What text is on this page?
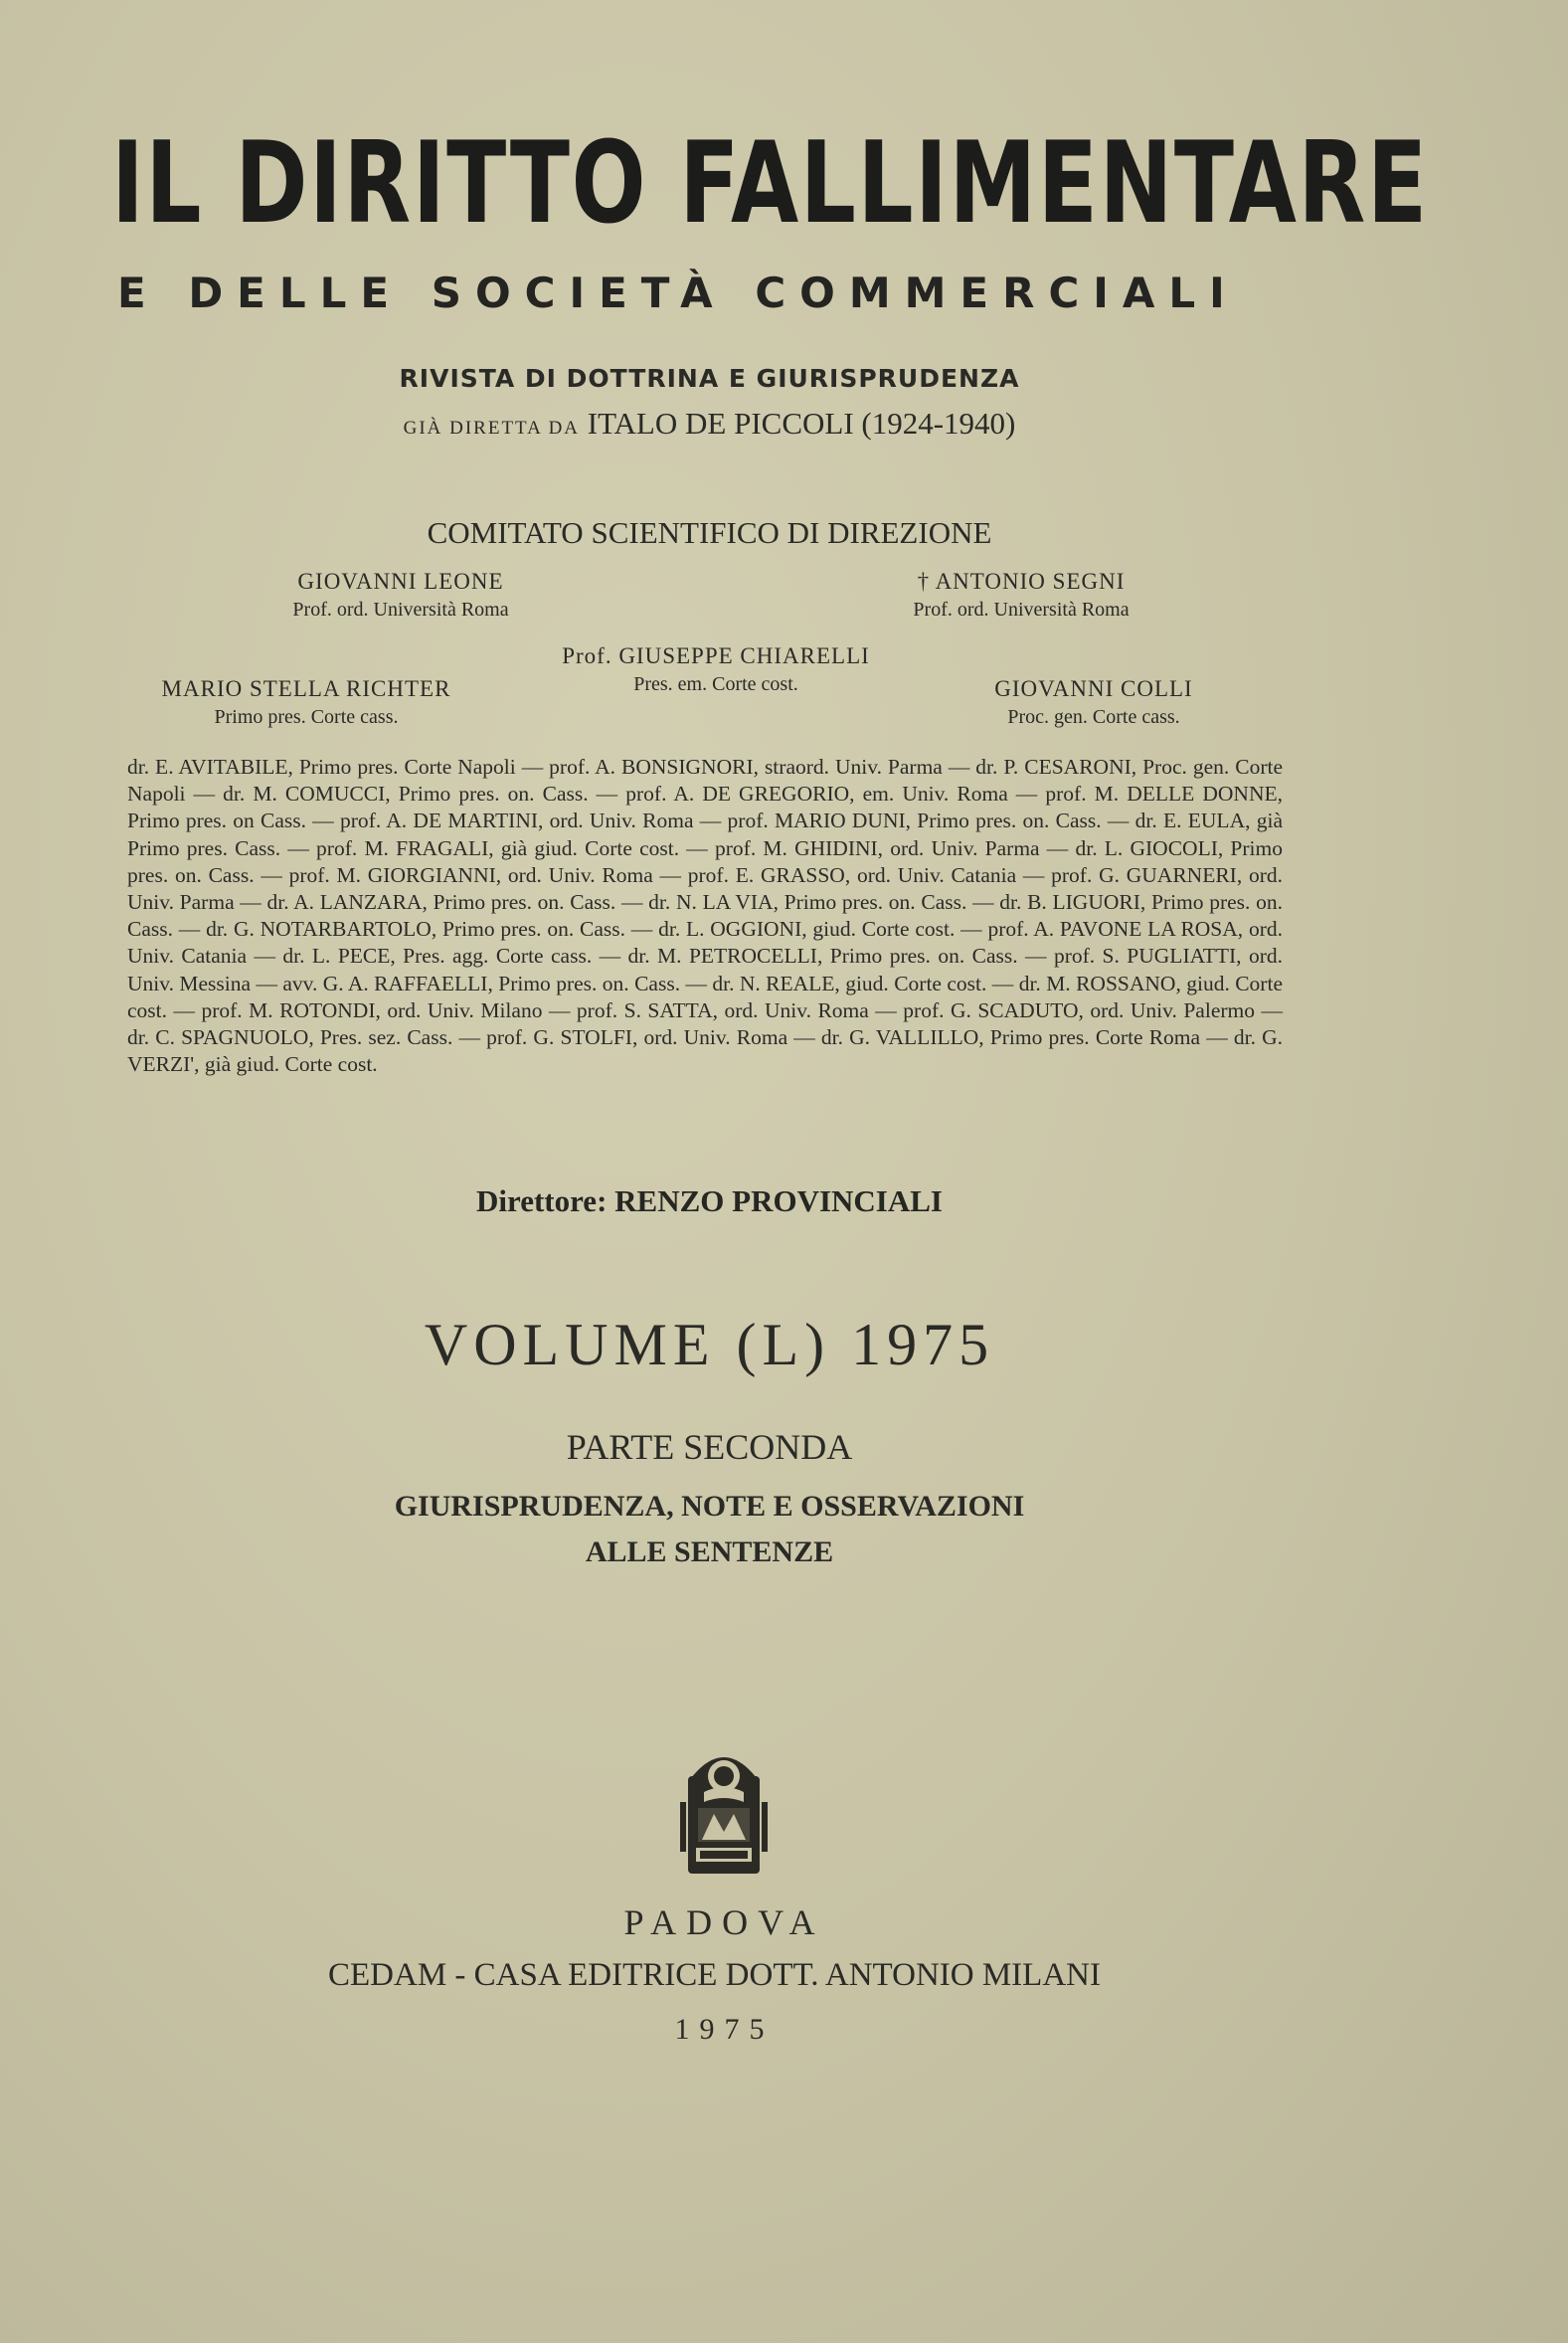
IL DIRITTO FALLIMENTARE
E DELLE SOCIETÀ COMMERCIALI
RIVISTA DI DOTTRINA E GIURISPRUDENZA
GIÀ DIRETTA DA ITALO DE PICCOLI (1924-1940)
COMITATO SCIENTIFICO DI DIREZIONE
GIOVANNI LEONE
Prof. ord. Università Roma
† ANTONIO SEGNI
Prof. ord. Università Roma
Prof. GIUSEPPE CHIARELLI
Pres. em. Corte cost.
MARIO STELLA RICHTER
Primo pres. Corte cass.
GIOVANNI COLLI
Proc. gen. Corte cass.
dr. E. AVITABILE, Primo pres. Corte Napoli — prof. A. BONSIGNORI, straord. Univ. Parma — dr. P. CESARONI, Proc. gen. Corte Napoli — dr. M. COMUCCI, Primo pres. on. Cass. — prof. A. DE GREGORIO, em. Univ. Roma — prof. M. DELLE DONNE, Primo pres. on Cass. — prof. A. DE MARTINI, ord. Univ. Roma — prof. MARIO DUNI, Primo pres. on. Cass. — dr. E. EULA, già Primo pres. Cass. — prof. M. FRAGALI, già giud. Corte cost. — prof. M. GHIDINI, ord. Univ. Parma — dr. L. GIOCOLI, Primo pres. on. Cass. — prof. M. GIORGIANNI, ord. Univ. Roma — prof. E. GRASSO, ord. Univ. Catania — prof. G. GUARNERI, ord. Univ. Parma — dr. A. LANZARA, Primo pres. on. Cass. — dr. N. LA VIA, Primo pres. on. Cass. — dr. B. LIGUORI, Primo pres. on. Cass. — dr. G. NOTARBARTOLO, Primo pres. on. Cass. — dr. L. OGGIONI, giud. Corte cost. — prof. A. PAVONE LA ROSA, ord. Univ. Catania — dr. L. PECE, Pres. agg. Corte cass. — dr. M. PETROCELLI, Primo pres. on. Cass. — prof. S. PUGLIATTI, ord. Univ. Messina — avv. G. A. RAFFAELLI, Primo pres. on. Cass. — dr. N. REALE, giud. Corte cost. — dr. M. ROSSANO, giud. Corte cost. — prof. M. ROTONDI, ord. Univ. Milano — prof. S. SATTA, ord. Univ. Roma — prof. G. SCADUTO, ord. Univ. Palermo — dr. C. SPAGNUOLO, Pres. sez. Cass. — prof. G. STOLFI, ord. Univ. Roma — dr. G. VALLILLO, Primo pres. Corte Roma — dr. G. VERZI', già giud. Corte cost.
Direttore: RENZO PROVINCIALI
VOLUME (L) 1975
PARTE SECONDA
GIURISPRUDENZA, NOTE E OSSERVAZIONI
ALLE SENTENZE
PADOVA
CEDAM - CASA EDITRICE DOTT. ANTONIO MILANI
1975
